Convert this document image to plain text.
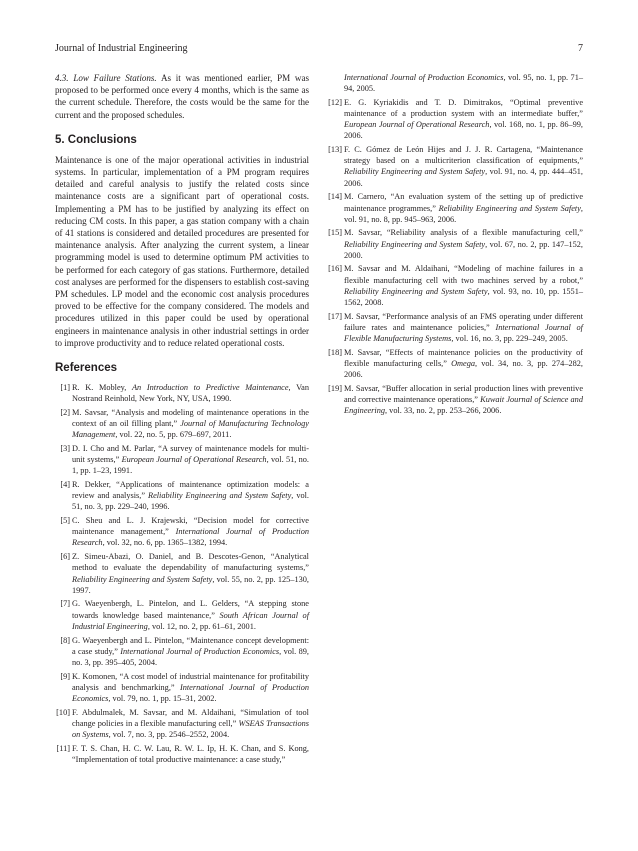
Journal of Industrial Engineering	7

4.3. Low Failure Stations. As it was mentioned earlier, PM was proposed to be performed once every 4 months, which is the same as the current schedule. Therefore, the costs would be the same for the current and the proposed schedules.

5. Conclusions

Maintenance is one of the major operational activities in industrial systems. In particular, implementation of a PM program requires detailed and careful analysis to justify the related costs since maintenance costs are a significant part of operational costs. Implementing a PM has to be justified by analyzing its effect on reducing CM costs. In this paper, a gas station company with a chain of 41 stations is considered and detailed procedures are presented for maintenance analysis. After analyzing the current system, a linear programming model is used to determine optimum PM activities to be performed for each category of gas stations. Furthermore, detailed cost analyses are performed for the dispensers to establish cost-saving PM schedules. LP model and the economic cost analysis procedures proved to be effective for the company considered. The models and procedures utilized in this paper could be used by operational engineers in maintenance analysis in other industrial settings in order to improve productivity and to reduce related operational costs.

References
[1] R. K. Mobley, An Introduction to Predictive Maintenance, Van Nostrand Reinhold, New York, NY, USA, 1990.
[2] M. Savsar, “Analysis and modeling of maintenance operations in the context of an oil filling plant,” Journal of Manufacturing Technology Management, vol. 22, no. 5, pp. 679–697, 2011.
[3] D. I. Cho and M. Parlar, “A survey of maintenance models for multi-unit systems,” European Journal of Operational Research, vol. 51, no. 1, pp. 1–23, 1991.
[4] R. Dekker, “Applications of maintenance optimization models: a review and analysis,” Reliability Engineering and System Safety, vol. 51, no. 3, pp. 229–240, 1996.
[5] C. Sheu and L. J. Krajewski, “Decision model for corrective maintenance management,” International Journal of Production Research, vol. 32, no. 6, pp. 1365–1382, 1994.
[6] Z. Simeu-Abazi, O. Daniel, and B. Descotes-Genon, “Analytical method to evaluate the dependability of manufacturing systems,” Reliability Engineering and System Safety, vol. 55, no. 2, pp. 125–130, 1997.
[7] G. Waeyenbergh, L. Pintelon, and L. Gelders, “A stepping stone towards knowledge based maintenance,” South African Journal of Industrial Engineering, vol. 12, no. 2, pp. 61–61, 2001.
[8] G. Waeyenbergh and L. Pintelon, “Maintenance concept development: a case study,” International Journal of Production Economics, vol. 89, no. 3, pp. 395–405, 2004.
[9] K. Komonen, “A cost model of industrial maintenance for profitability analysis and benchmarking,” International Journal of Production Economics, vol. 79, no. 1, pp. 15–31, 2002.
[10] F. Abdulmalek, M. Savsar, and M. Aldaihani, “Simulation of tool change policies in a flexible manufacturing cell,” WSEAS Transactions on Systems, vol. 7, no. 3, pp. 2546–2552, 2004.
[11] F. T. S. Chan, H. C. W. Lau, R. W. L. Ip, H. K. Chan, and S. Kong, “Implementation of total productive maintenance: a case study,”
International Journal of Production Economics, vol. 95, no. 1, pp. 71–94, 2005.
[12] E. G. Kyriakidis and T. D. Dimitrakos, “Optimal preventive maintenance of a production system with an intermediate buffer,” European Journal of Operational Research, vol. 168, no. 1, pp. 86–99, 2006.
[13] F. C. Gómez de León Hijes and J. J. R. Cartagena, “Maintenance strategy based on a multicriterion classification of equipments,” Reliability Engineering and System Safety, vol. 91, no. 4, pp. 444–451, 2006.
[14] M. Carnero, “An evaluation system of the setting up of predictive maintenance programmes,” Reliability Engineering and System Safety, vol. 91, no. 8, pp. 945–963, 2006.
[15] M. Savsar, “Reliability analysis of a flexible manufacturing cell,” Reliability Engineering and System Safety, vol. 67, no. 2, pp. 147–152, 2000.
[16] M. Savsar and M. Aldaihani, “Modeling of machine failures in a flexible manufacturing cell with two machines served by a robot,” Reliability Engineering and System Safety, vol. 93, no. 10, pp. 1551–1562, 2008.
[17] M. Savsar, “Performance analysis of an FMS operating under different failure rates and maintenance policies,” International Journal of Flexible Manufacturing Systems, vol. 16, no. 3, pp. 229–249, 2005.
[18] M. Savsar, “Effects of maintenance policies on the productivity of flexible manufacturing cells,” Omega, vol. 34, no. 3, pp. 274–282, 2006.
[19] M. Savsar, “Buffer allocation in serial production lines with preventive and corrective maintenance operations,” Kuwait Journal of Science and Engineering, vol. 33, no. 2, pp. 253–266, 2006.
